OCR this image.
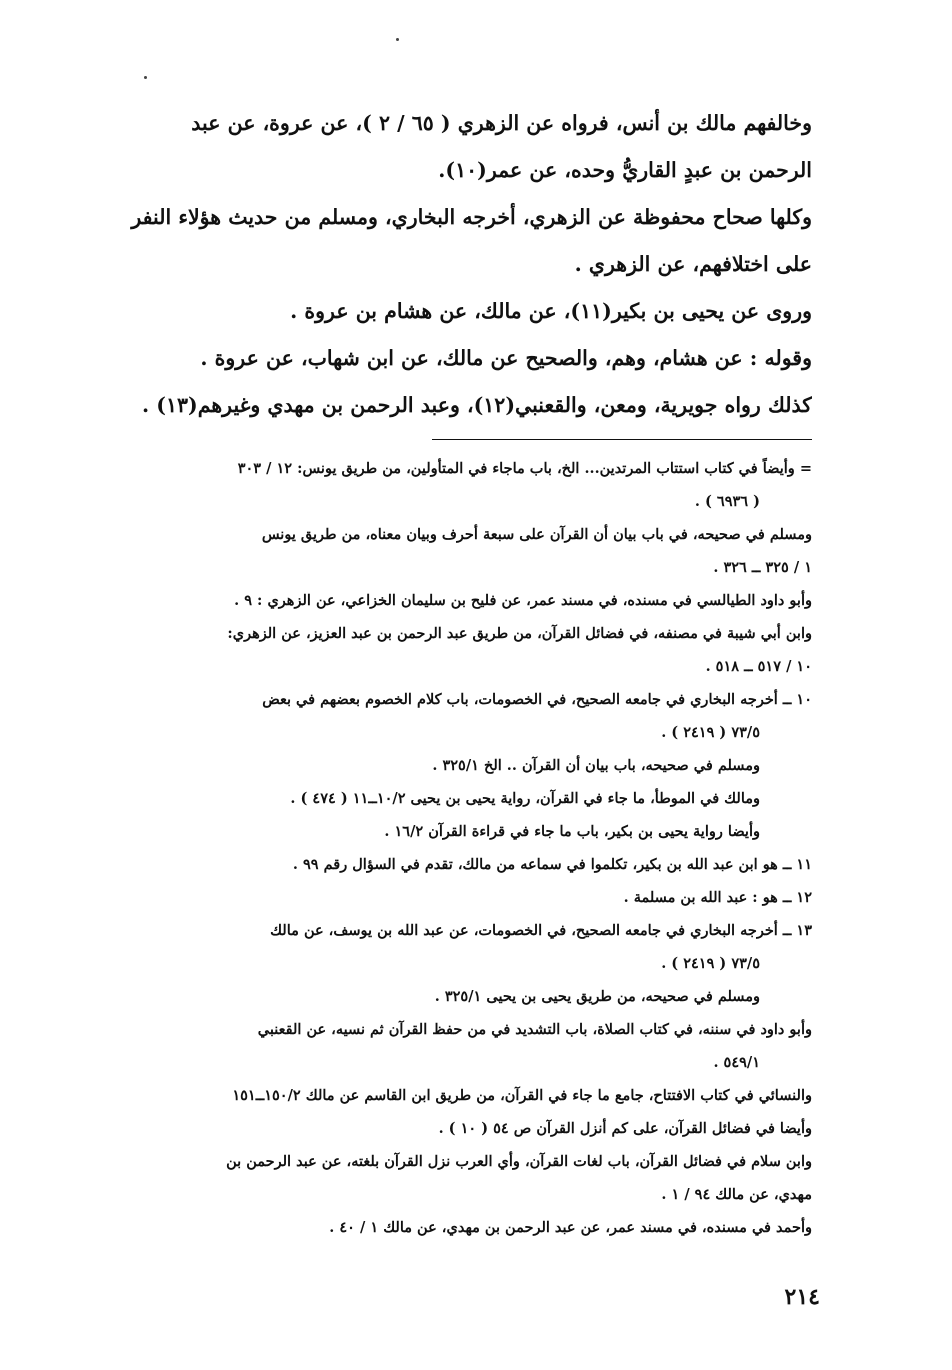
وخالفهم مالك بن أنس، فرواه عن الزهري ( ٦٥ / ٢ )، عن عروة، عن عبد
الرحمن بن عبدٍ القاريُّ وحده، عن عمر(١٠).
وكلها صحاح محفوظة عن الزهري، أخرجه البخاري، ومسلم من حديث هؤلاء النفر
على اختلافهم، عن الزهري .
وروى عن يحيى بن بكير(١١)، عن مالك، عن هشام بن عروة .
وقوله : عن هشام، وهم، والصحيح عن مالك، عن ابن شهاب، عن عروة .
كذلك رواه جويرية، ومعن، والقعنبي(١٢)، وعبد الرحمن بن مهدي وغيرهم(١٣) .
= وأيضاً في كتاب استتاب المرتدين... الخ، باب ماجاء في المتأولين، من طريق يونس: ١٢ / ٣٠٣
( ٦٩٣٦ ) .
ومسلم في صحيحه، في باب بيان أن القرآن على سبعة أحرف وبيان معناه، من طريق يونس
١ / ٣٢٥ ــ ٣٢٦ .
وأبو داود الطيالسي في مسنده، في مسند عمر، عن فليح بن سليمان الخزاعي، عن الزهري : ٩ .
وابن أبي شيبة في مصنفه، في فضائل القرآن، من طريق عبد الرحمن بن عبد العزيز، عن الزهري:
١٠ / ٥١٧ ــ ٥١٨ .
١٠ ــ أخرجه البخاري في جامعه الصحيح، في الخصومات، باب كلام الخصوم بعضهم في بعض
٧٣/٥ ( ٢٤١٩ ) .
ومسلم في صحيحه، باب بيان أن القرآن .. الخ ٣٢٥/١ .
ومالك في الموطأ، ما جاء في القرآن، رواية يحيى بن يحيى ١٠/٢ــ١١ ( ٤٧٤ ) .
وأيضا رواية يحيى بن بكير، باب ما جاء في قراءة القرآن ١٦/٢ .
١١ ــ هو ابن عبد الله بن بكير، تكلموا في سماعه من مالك، تقدم في السؤال رقم ٩٩ .
١٢ ــ هو : عبد الله بن مسلمة .
١٣ ــ أخرجه البخاري في جامعه الصحيح، في الخصومات، عن عبد الله بن يوسف، عن مالك
٧٣/٥ ( ٢٤١٩ ) .
ومسلم في صحيحه، من طريق يحيى بن يحيى ٣٢٥/١ .
وأبو داود في سننه، في كتاب الصلاة، باب التشديد في من حفظ القرآن ثم نسيه، عن القعنبي
٥٤٩/١ .
والنسائي في كتاب الافتتاح، جامع ما جاء في القرآن، من طريق ابن القاسم عن مالك ١٥٠/٢ــ١٥١
وأيضا في فضائل القرآن، على كم أنزل القرآن ص ٥٤ ( ١٠ ) .
وابن سلام في فضائل القرآن، باب لغات القرآن، وأي العرب نزل القرآن بلغته، عن عبد الرحمن بن
مهدي، عن مالك ٩٤ / ١ .
وأحمد في مسنده، في مسند عمر، عن عبد الرحمن بن مهدي، عن مالك ١ / ٤٠ .
٢١٤
